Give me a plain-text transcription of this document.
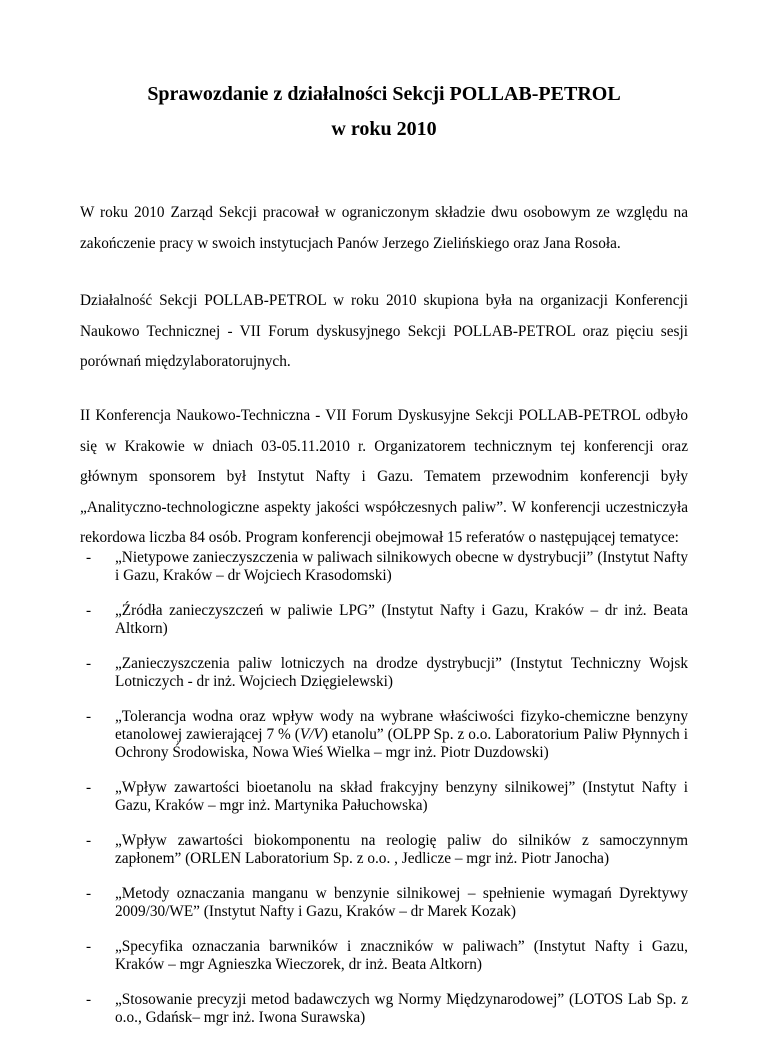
Sprawozdanie z działalności Sekcji POLLAB-PETROL
w roku 2010

W roku 2010 Zarząd Sekcji pracował w ograniczonym składzie dwu osobowym ze względu na zakończenie pracy w swoich instytucjach Panów Jerzego Zielińskiego oraz Jana Rosoła.

Działalność Sekcji POLLAB-PETROL w roku 2010 skupiona była na organizacji Konferencji Naukowo Technicznej - VII Forum dyskusyjnego Sekcji POLLAB-PETROL oraz pięciu sesji porównań międzylaboratorujnych.

II Konferencja Naukowo-Techniczna - VII Forum Dyskusyjne Sekcji POLLAB-PETROL odbyło się w Krakowie w dniach 03-05.11.2010 r. Organizatorem technicznym tej konferencji oraz głównym sponsorem był Instytut Nafty i Gazu. Tematem przewodnim konferencji były „Analityczno-technologiczne aspekty jakości współczesnych paliw”. W konferencji uczestniczyła rekordowa liczba 84 osób. Program konferencji obejmował 15 referatów o następującej tematyce:

- „Nietypowe zanieczyszczenia w paliwach silnikowych obecne w dystrybucji” (Instytut Nafty i Gazu, Kraków – dr Wojciech Krasodomski)
- „Źródła zanieczyszczeń w paliwie LPG” (Instytut Nafty i Gazu, Kraków – dr inż. Beata Altkorn)
- „Zanieczyszczenia paliw lotniczych na drodze dystrybucji” (Instytut Techniczny Wojsk Lotniczych - dr inż. Wojciech Dzięgielewski)
- „Tolerancja wodna oraz wpływ wody na wybrane właściwości fizyko-chemiczne benzyny etanolowej zawierającej 7 % (V/V) etanolu” (OLPP Sp. z o.o. Laboratorium Paliw Płynnych i Ochrony Środowiska, Nowa Wieś Wielka – mgr inż. Piotr Duzdowski)
- „Wpływ zawartości bioetanolu na skład frakcyjny benzyny silnikowej” (Instytut Nafty i Gazu, Kraków – mgr inż. Martynika Pałuchowska)
- „Wpływ zawartości biokomponentu na reologię paliw do silników z samoczynnym zapłonem” (ORLEN Laboratorium Sp. z o.o. , Jedlicze – mgr inż. Piotr Janocha)
- „Metody oznaczania manganu w benzynie silnikowej – spełnienie wymagań Dyrektywy 2009/30/WE” (Instytut Nafty i Gazu, Kraków – dr Marek Kozak)
- „Specyfika oznaczania barwników i znaczników w paliwach” (Instytut Nafty i Gazu, Kraków – mgr Agnieszka Wieczorek, dr inż. Beata Altkorn)
- „Stosowanie precyzji metod badawczych wg Normy Międzynarodowej” (LOTOS Lab Sp. z o.o., Gdańsk– mgr inż. Iwona Surawska)
